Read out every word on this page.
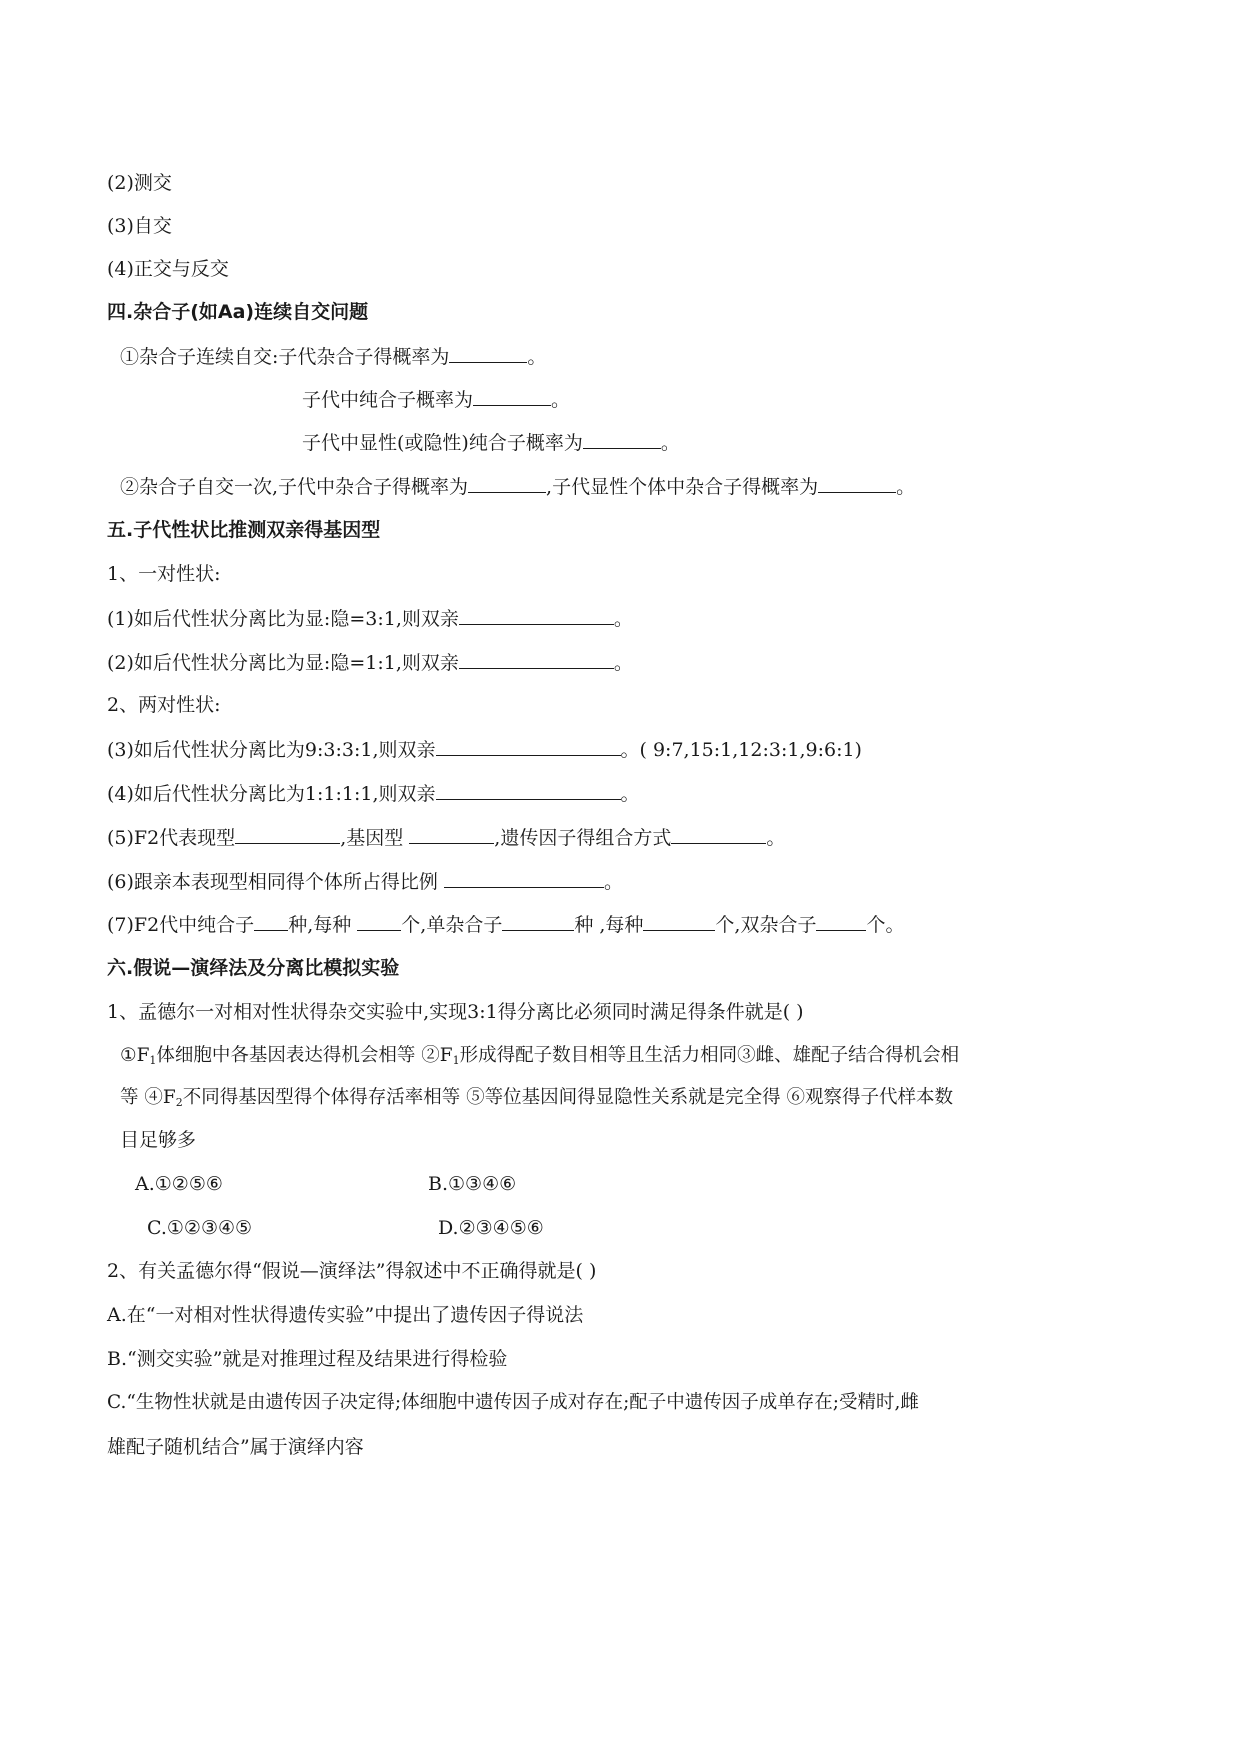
(2)测交
(3)自交
(4)正交与反交
四.杂合子(如Aa)连续自交问题
①杂合子连续自交:子代杂合子得概率为	。
子代中纯合子概率为	。
子代中显性(或隐性)纯合子概率为	。
②杂合子自交一次,子代中杂合子得概率为	,子代显性个体中杂合子得概率为	。
五.子代性状比推测双亲得基因型
1、一对性状:
(1)如后代性状分离比为显:隐=3:1,则双亲	。
(2)如后代性状分离比为显:隐=1:1,则双亲	。
2、两对性状:
(3)如后代性状分离比为9:3:3:1,则双亲	。( 9:7,15:1,12:3:1,9:6:1)
(4)如后代性状分离比为1:1:1:1,则双亲	。
(5)F2代表现型	,基因型	,遗传因子得组合方式	。
(6)跟亲本表现型相同得个体所占得比例	。
(7)F2代中纯合子 种,每种 个,单杂合子	种 ,每种	个,双杂合子	个。
六.假说—演绎法及分离比模拟实验
1、孟德尔一对相对性状得杂交实验中,实现3:1得分离比必须同时满足得条件就是( )
$①F_1$体细胞中各基因表达得机会相等 $②F_1$形成得配子数目相等且生活力相同③雌、雄配子结合得机会相
等 $④F_2$不同得基因型得个体得存活率相等 ⑤等位基因间得显隐性关系就是完全得 ⑥观察得子代样本数
目足够多
A.①②⑤⑥	B.①③④⑥
C.①②③④⑤	D.②③④⑤⑥
2、有关孟德尔得“假说—演绎法”得叙述中不正确得就是( )
A.在“一对相对性状得遗传实验”中提出了遗传因子得说法
B.“测交实验”就是对推理过程及结果进行得检验
C.“生物性状就是由遗传因子决定得;体细胞中遗传因子成对存在;配子中遗传因子成单存在;受精时,雌
雄配子随机结合”属于演绎内容
